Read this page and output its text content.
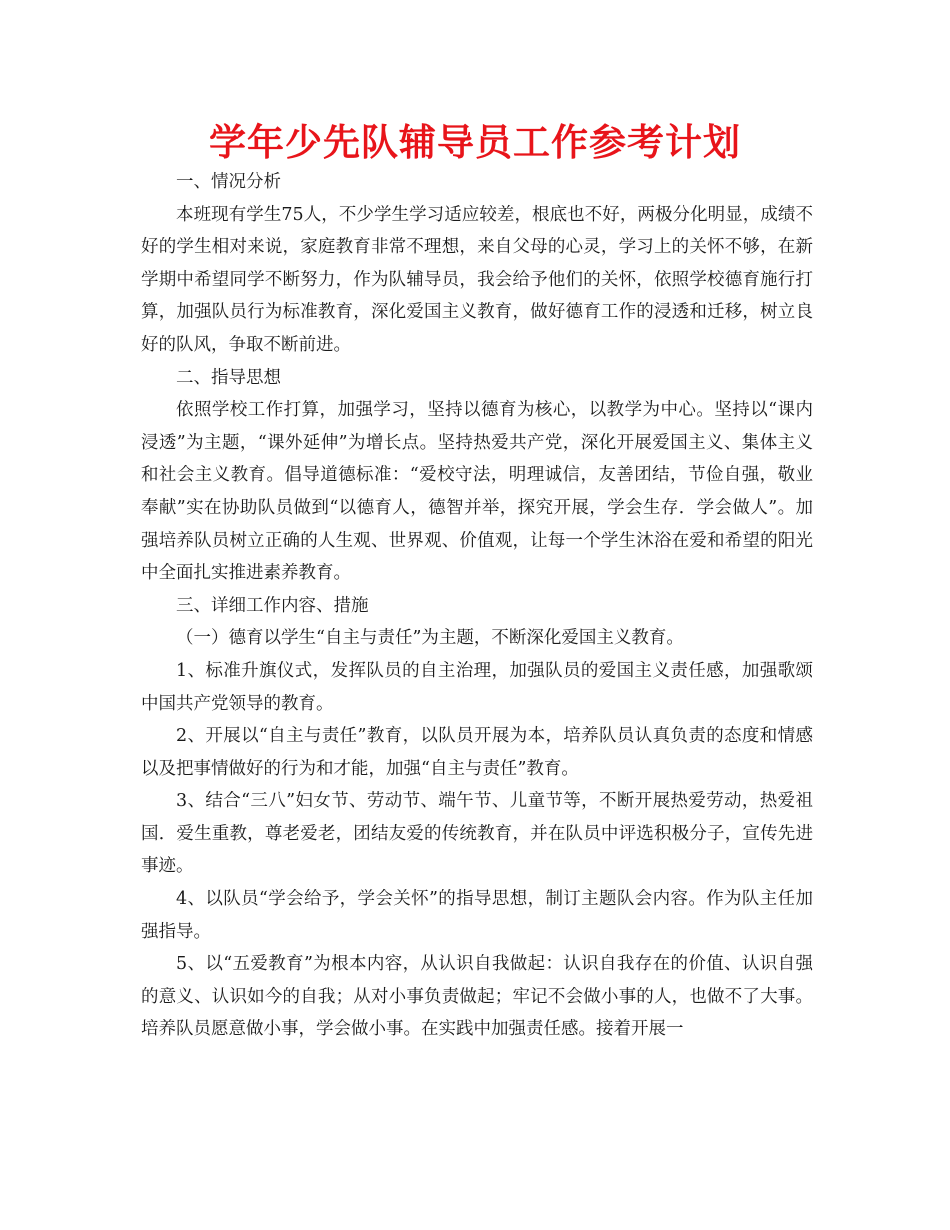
学年少先队辅导员工作参考计划

一、情况分析

本班现有学生75人，不少学生学习适应较差，根底也不好，两极分化明显，成绩不好的学生相对来说，家庭教育非常不理想，来自父母的心灵，学习上的关怀不够，在新学期中希望同学不断努力，作为队辅导员，我会给予他们的关怀，依照学校德育施行打算，加强队员行为标准教育，深化爱国主义教育，做好德育工作的浸透和迁移，树立良好的队风，争取不断前进。

二、指导思想

依照学校工作打算，加强学习，坚持以德育为核心，以教学为中心。坚持以“课内浸透”为主题，“课外延伸”为增长点。坚持热爱共产党，深化开展爱国主义、集体主义和社会主义教育。倡导道德标准：“爱校守法，明理诚信，友善团结，节俭自强，敬业奉献”实在协助队员做到“以德育人，德智并举，探究开展，学会生存．学会做人”。加强培养队员树立正确的人生观、世界观、价值观，让每一个学生沐浴在爱和希望的阳光中全面扎实推进素养教育。

三、详细工作内容、措施

（一）德育以学生“自主与责任”为主题，不断深化爱国主义教育。

1、标准升旗仪式，发挥队员的自主治理，加强队员的爱国主义责任感，加强歌颂中国共产党领导的教育。

2、开展以“自主与责任”教育，以队员开展为本，培养队员认真负责的态度和情感以及把事情做好的行为和才能，加强“自主与责任”教育。

3、结合“三八”妇女节、劳动节、端午节、儿童节等，不断开展热爱劳动，热爱祖国．爱生重教，尊老爱老，团结友爱的传统教育，并在队员中评选积极分子，宣传先进事迹。

4、以队员“学会给予，学会关怀”的指导思想，制订主题队会内容。作为队主任加强指导。

5、以“五爱教育”为根本内容，从认识自我做起：认识自我存在的价值、认识自强的意义、认识如今的自我；从对小事负责做起；牢记不会做小事的人，也做不了大事。培养队员愿意做小事，学会做小事。在实践中加强责任感。接着开展一
